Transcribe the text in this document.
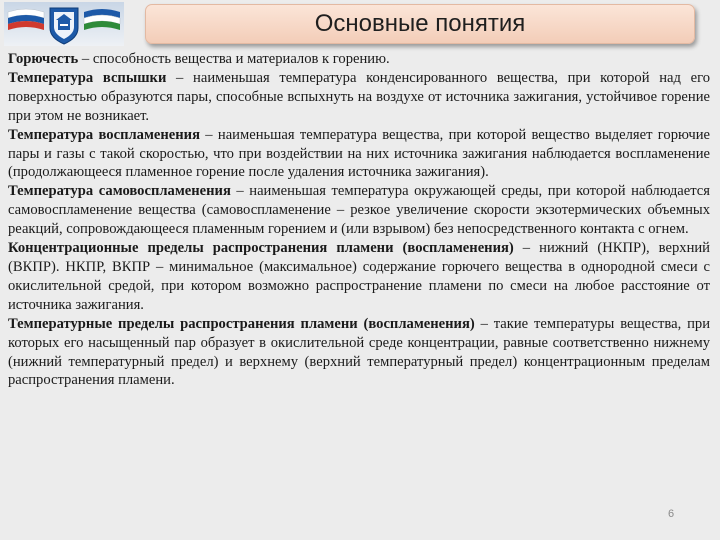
Основные понятия

Горючесть – способность вещества и материалов к горению.

Температура вспышки – наименьшая температура конденсированного вещества, при которой над его поверхностью образуются пары, способные вспыхнуть на воздухе от источника зажигания, устойчивое горение при этом не возникает.

Температура воспламенения – наименьшая температура вещества, при которой вещество выделяет горючие пары и газы с такой скоростью, что при воздействии на них источника зажигания наблюдается воспламенение (продолжающееся пламенное горение после удаления источника зажигания).

Температура самовоспламенения – наименьшая температура окружающей среды, при которой наблюдается самовоспламенение вещества (самовоспламенение – резкое увеличение скорости экзотермических объемных реакций, сопровождающееся пламенным горением и (или взрывом) без непосредственного контакта с огнем.

Концентрационные пределы распространения пламени (воспламенения) – нижний (НКПР), верхний (ВКПР). НКПР, ВКПР – минимальное (максимальное) содержание горючего вещества в однородной смеси с окислительной средой, при котором возможно распространение пламени по смеси на любое расстояние от источника зажигания.

Температурные пределы распространения пламени (воспламенения) – такие температуры вещества, при которых его насыщенный пар образует в окислительной среде концентрации, равные соответственно нижнему (нижний температурный предел) и верхнему (верхний температурный предел) концентрационным пределам распространения пламени.

6
